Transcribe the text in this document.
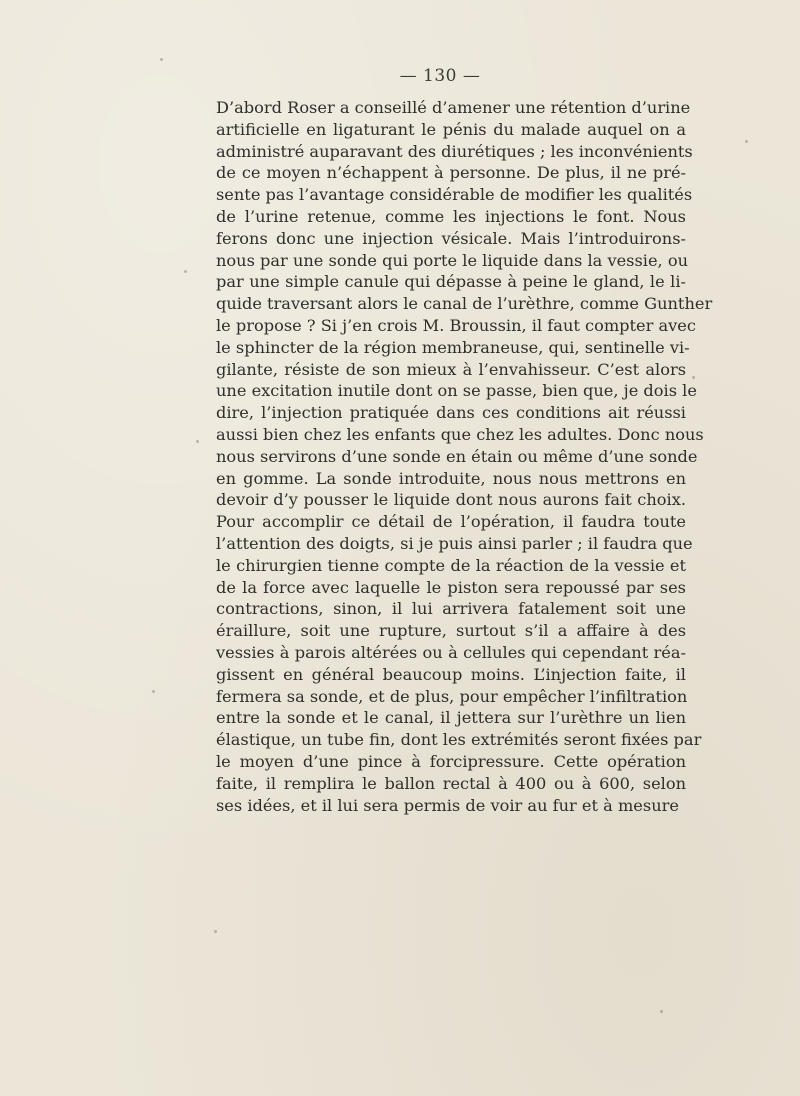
— 130 —
D’abord Roser a conseillé d’amener une rétention d’urine
artificielle en ligaturant le pénis du malade auquel on a
administré auparavant des diurétiques ; les inconvénients
de ce moyen n’échappent à personne. De plus, il ne pré-
sente pas l’avantage considérable de modifier les qualités
de l’urine retenue, comme les injections le font. Nous
ferons donc une injection vésicale. Mais l’introduirons-
nous par une sonde qui porte le liquide dans la vessie, ou
par une simple canule qui dépasse à peine le gland, le li-
quide traversant alors le canal de l’urèthre, comme Gunther
le propose ? Si j’en crois M. Broussin, il faut compter avec
le sphincter de la région membraneuse, qui, sentinelle vi-
gilante, résiste de son mieux à l’envahisseur. C’est alors
une excitation inutile dont on se passe, bien que, je dois le
dire, l’injection pratiquée dans ces conditions ait réussi
aussi bien chez les enfants que chez les adultes. Donc nous
nous servirons d’une sonde en étain ou même d’une sonde
en gomme. La sonde introduite, nous nous mettrons en
devoir d’y pousser le liquide dont nous aurons fait choix.
Pour accomplir ce détail de l’opération, il faudra toute
l’attention des doigts, si je puis ainsi parler ; il faudra que
le chirurgien tienne compte de la réaction de la vessie et
de la force avec laquelle le piston sera repoussé par ses
contractions, sinon, il lui arrivera fatalement soit une
éraillure, soit une rupture, surtout s’il a affaire à des
vessies à parois altérées ou à cellules qui cependant réa-
gissent en général beaucoup moins. L’injection faite, il
fermera sa sonde, et de plus, pour empêcher l’infiltration
entre la sonde et le canal, il jettera sur l’urèthre un lien
élastique, un tube fin, dont les extrémités seront fixées par
le moyen d’une pince à forcipressure. Cette opération
faite, il remplira le ballon rectal à 400 ou à 600, selon
ses idées, et il lui sera permis de voir au fur et à mesure
